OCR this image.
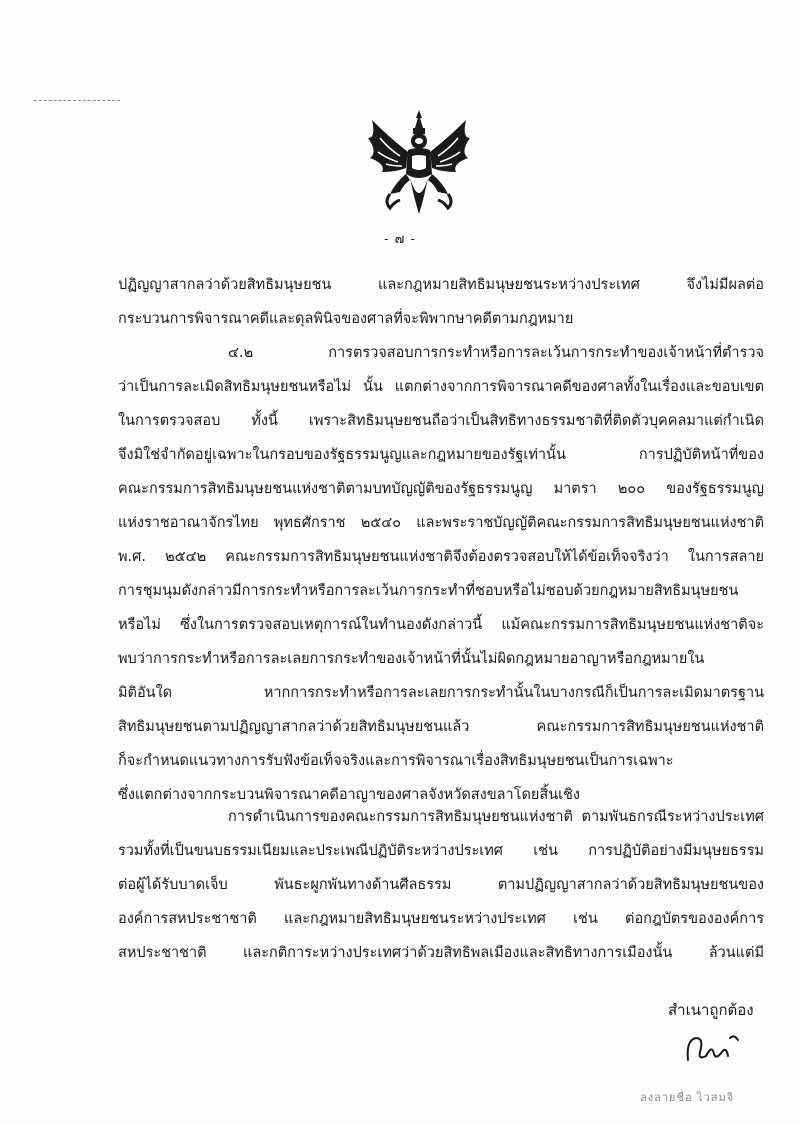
- ๗ -
ปฏิญญาสากลว่าด้วยสิทธิมนุษยชน และกฎหมายสิทธิมนุษยชนระหว่างประเทศ จึงไม่มีผลต่อ
กระบวนการพิจารณาคดีและดุลพินิจของศาลที่จะพิพากษาคดีตามกฎหมาย
๔.๒ การตรวจสอบการกระทำหรือการละเว้นการกระทำของเจ้าหน้าที่ตำรวจ
ว่าเป็นการละเมิดสิทธิมนุษยชนหรือไม่ นั้น แตกต่างจากการพิจารณาคดีของศาลทั้งในเรื่องและขอบเขต
ในการตรวจสอบ ทั้งนี้ เพราะสิทธิมนุษยชนถือว่าเป็นสิทธิทางธรรมชาติที่ติดตัวบุคคลมาแต่กำเนิด
จึงมิใช่จำกัดอยู่เฉพาะในกรอบของรัฐธรรมนูญและกฎหมายของรัฐเท่านั้น การปฏิบัติหน้าที่ของ
คณะกรรมการสิทธิมนุษยชนแห่งชาติตามบทบัญญัติของรัฐธรรมนูญ มาตรา ๒๐๐ ของรัฐธรรมนูญ
แห่งราชอาณาจักรไทย พุทธศักราช ๒๕๔๐ และพระราชบัญญัติคณะกรรมการสิทธิมนุษยชนแห่งชาติ
พ.ศ. ๒๕๔๒ คณะกรรมการสิทธิมนุษยชนแห่งชาติจึงต้องตรวจสอบให้ได้ข้อเท็จจริงว่า ในการสลาย
การชุมนุมดังกล่าวมีการกระทำหรือการละเว้นการกระทำที่ชอบหรือไม่ชอบด้วยกฎหมายสิทธิมนุษยชน
หรือไม่ ซึ่งในการตรวจสอบเหตุการณ์ในทำนองดังกล่าวนี้ แม้คณะกรรมการสิทธิมนุษยชนแห่งชาติจะ
พบว่าการกระทำหรือการละเลยการกระทำของเจ้าหน้าที่นั้นไม่ผิดกฎหมายอาญาหรือกฎหมายใน
มิติอันใด หากการกระทำหรือการละเลยการกระทำนั้นในบางกรณีก็เป็นการละเมิดมาตรฐาน
สิทธิมนุษยชนตามปฏิญญาสากลว่าด้วยสิทธิมนุษยชนแล้ว คณะกรรมการสิทธิมนุษยชนแห่งชาติ
ก็จะกำหนดแนวทางการรับฟังข้อเท็จจริงและการพิจารณาเรื่องสิทธิมนุษยชนเป็นการเฉพาะ
ซึ่งแตกต่างจากกระบวนพิจารณาคดีอาญาของศาลจังหวัดสงขลาโดยสิ้นเชิง
การดำเนินการของคณะกรรมการสิทธิมนุษยชนแห่งชาติ ตามพันธกรณีระหว่างประเทศ
รวมทั้งที่เป็นขนบธรรมเนียมและประเพณีปฏิบัติระหว่างประเทศ เช่น การปฏิบัติอย่างมีมนุษยธรรม
ต่อผู้ได้รับบาดเจ็บ พันธะผูกพันทางด้านศีลธรรม ตามปฏิญญาสากลว่าด้วยสิทธิมนุษยชนของ
องค์การสหประชาชาติ และกฎหมายสิทธิมนุษยชนระหว่างประเทศ เช่น ต่อกฎบัตรขององค์การ
สหประชาชาติ และกติการะหว่างประเทศว่าด้วยสิทธิพลเมืองและสิทธิทางการเมืองนั้น ล้วนแต่มี
สำเนาถูกต้อง
ลงลายชื่อ ไวสมจิ
